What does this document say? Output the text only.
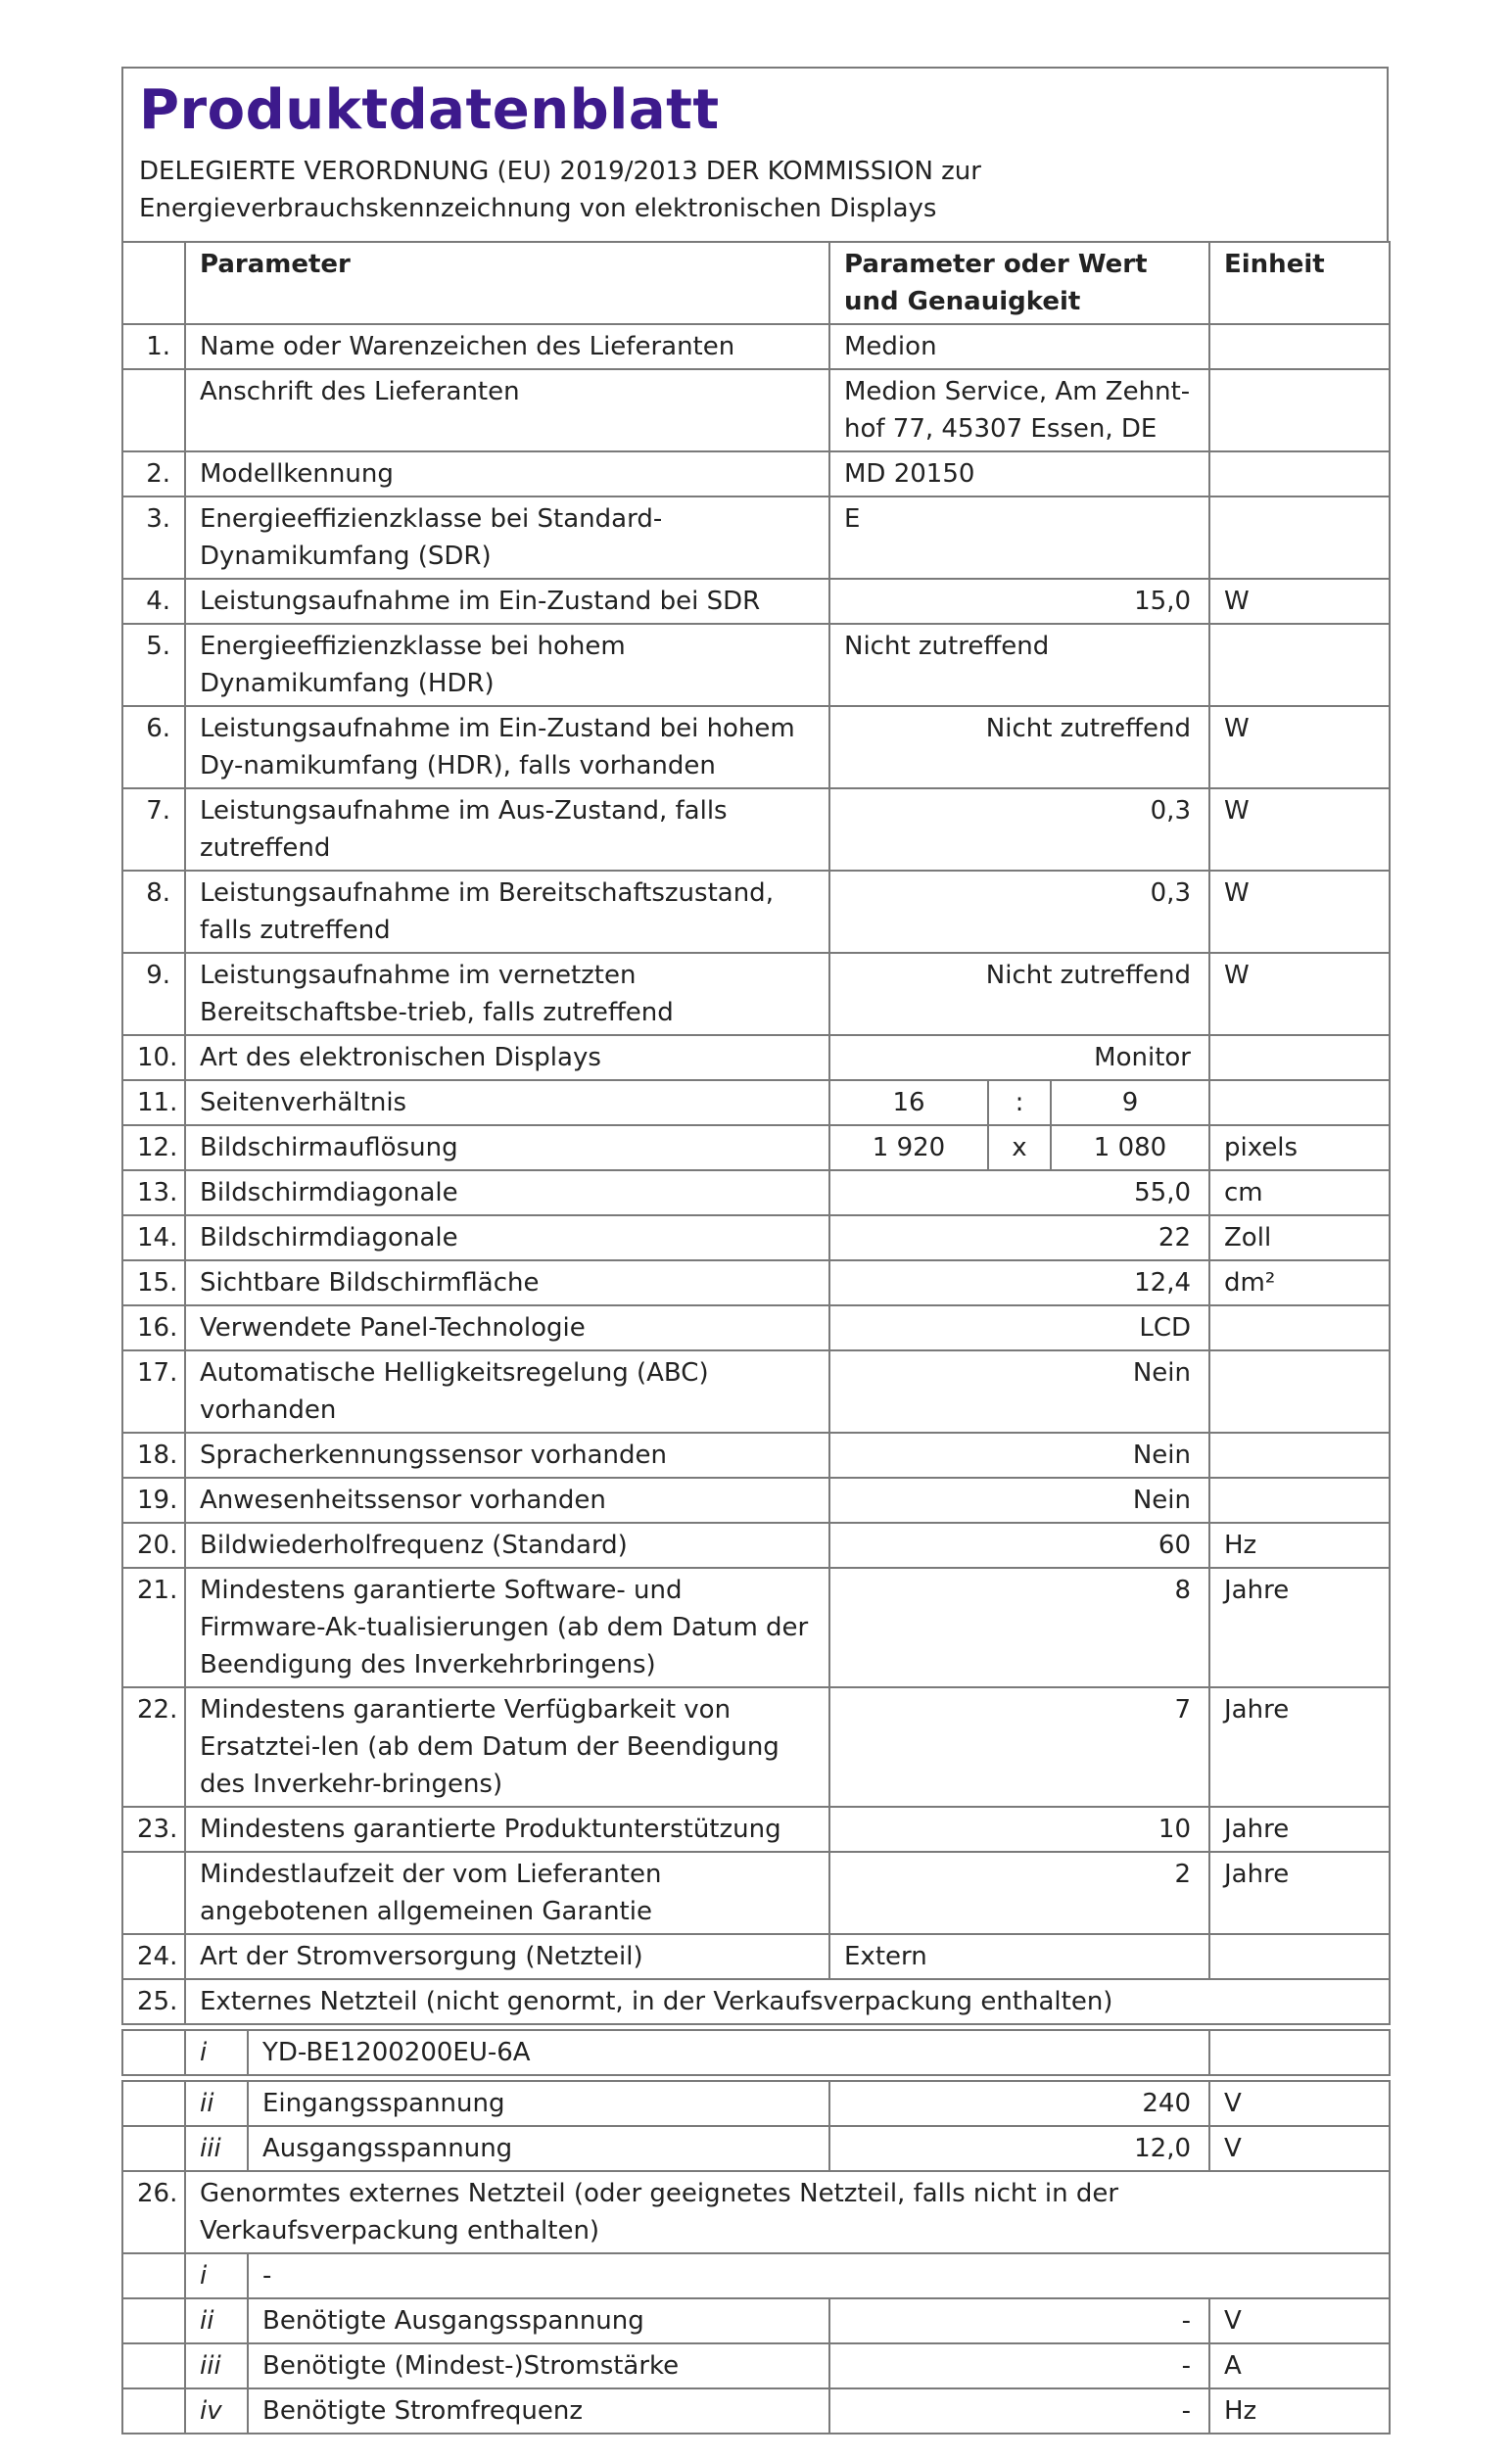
Produktdatenblatt
DELEGIERTE VERORDNUNG (EU) 2019/2013 DER KOMMISSION zur
Energieverbrauchskennzeichnung von elektronischen Displays
	Parameter	Parameter oder Wert und Genauigkeit			Einheit
1.	Name oder Warenzeichen des Lieferanten	Medion			
	Anschrift des Lieferanten	Medion Service, Am Zehnt-hof 77, 45307 Essen, DE			
2.	Modellkennung	MD 20150			
3.	Energieeffizienzklasse bei Standard-Dynamikumfang (SDR)	E			
4.	Leistungsaufnahme im Ein-Zustand bei SDR	15,0			W
5.	Energieeffizienzklasse bei hohem Dynamikumfang (HDR)	Nicht zutreffend			
6.	Leistungsaufnahme im Ein-Zustand bei hohem Dy-namikumfang (HDR), falls vorhanden	Nicht zutreffend			W
7.	Leistungsaufnahme im Aus-Zustand, falls zutreffend	0,3			W
8.	Leistungsaufnahme im Bereitschaftszustand, falls zutreffend	0,3			W
9.	Leistungsaufnahme im vernetzten Bereitschaftsbe-trieb, falls zutreffend	Nicht zutreffend			W
10.	Art des elektronischen Displays	Monitor			
11.	Seitenverhältnis	16	:	9	
12.	Bildschirmauflösung	1 920	x	1 080	pixels
13.	Bildschirmdiagonale	55,0			cm
14.	Bildschirmdiagonale	22			Zoll
15.	Sichtbare Bildschirmfläche	12,4			dm²
16.	Verwendete Panel-Technologie	LCD			
17.	Automatische Helligkeitsregelung (ABC) vorhanden	Nein			
18.	Spracherkennungssensor vorhanden	Nein			
19.	Anwesenheitssensor vorhanden	Nein			
20.	Bildwiederholfrequenz (Standard)	60			Hz
21.	Mindestens garantierte Software- und Firmware-Ak-tualisierungen (ab dem Datum der Beendigung des Inverkehrbringens)	8			Jahre
22.	Mindestens garantierte Verfügbarkeit von Ersatztei-len (ab dem Datum der Beendigung des Inverkehr-bringens)	7			Jahre
23.	Mindestens garantierte Produktunterstützung	10			Jahre
	Mindestlaufzeit der vom Lieferanten angebotenen allgemeinen Garantie	2			Jahre
24.	Art der Stromversorgung (Netzteil)	Extern			
25.	Externes Netzteil (nicht genormt, in der Verkaufsverpackung enthalten)				
	i	YD-BE1200200EU-6A	
	ii	Eingangsspannung	240	V
	iii	Ausgangsspannung	12,0	V
26.	Genormtes externes Netzteil (oder geeignetes Netzteil, falls nicht in der Verkaufsverpackung enthalten)			
	i	-		
	ii	Benötigte Ausgangsspannung	-	V
	iii	Benötigte (Mindest-)Stromstärke	-	A
	iv	Benötigte Stromfrequenz	-	Hz
